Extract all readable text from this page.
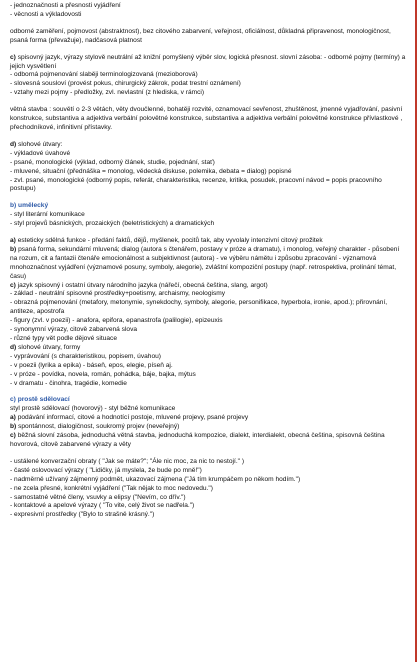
- jednoznačnosti a přesnosti vyjádření

- věcnosti a výkladovosti

odborné zaměření, pojmovost (abstraktnost), bez citového zabarvení, veřejnost, oficiálnost, důkladná připravenost, monologičnost, psaná forma (převažuje), nadčasová platnost

c) spisovný jazyk, výrazy stylově neutrální až knižní pomyšlený výběr slov, logická přesnost. slovní zásoba: - odborné pojmy (termíny) a jejich vysvětlení

- odborná pojmenování slaběji terminologizovaná (mezioborová)

- slovesná sousloví (provést pokus, chirurgický zákrok, podat trestní oznámení)

- vztahy mezi pojmy - předložky, zvl. nevlastní (z hlediska, v rámci)

větná stavba : souvětí o 2-3 větách, věty dvoučlenné, bohatěji rozvité, oznamovací sevřenost, zhuštěnost, jmenné vyjadřování, pasivní konstrukce, substantiva a adjektiva verbální polovětné konstrukce, substantiva a adjektiva verbální polovětné konstrukce přívlastkové , přechodníkové, infinitivní přístavky.

d) slohové útvary:

- výkladové úvahové

- psané, monologické (výklad, odborný článek, studie, pojednání, stať)

- mluvené, situační (přednáška = monolog, vědecká diskuse, polemika, debata = dialog) popisné

- zvl. psané, monologické (odborný popis, referát, charakteristika, recenze, kritika, posudek, pracovní návod = popis pracovního postupu)

b) umělecký

- styl literární komunikace

- styl projevů básnických, prozaických (beletristických) a dramatických

a) esteticky sdělná funkce - předání faktů, dějů, myšlenek, pocitů tak, aby vyvolaly intenzivní citový prožitek

b) psaná forma, sekundární mluvená; dialog (autora s čtenářem, postavy v próze a dramatu), i monolog, veřejný charakter - působení na rozum, cit a fantazii čtenáře emocionálnost a subjektivnost (autora) - ve výběru námětu i způsobu zpracování - významová mnohoznačnost vyjádření (významové posuny, symboly, alegorie), zvláštní kompoziční postupy (např. retrospektiva, prolínání témat, času)

c) jazyk spisovný i ostatní útvary národního jazyka (nářečí, obecná čeština, slang, argot)

- základ - neutrální spisovné prostředky+poetismy, archaismy, neologismy

- obrazná pojmenování (metafory, metonymie, synekdochy, symboly, alegorie, personifikace, hyperbola, ironie, apod.); přirovnání, antiteze, apostrofa

- figury (zvl. v poezii) - anafora, epifora, epanastrofa (palilogie), epizeuxis

- synonymní výrazy, citově zabarvená slova

- různé typy vět podle dějové situace

d) slohové útvary, formy

- vyprávování (s charakteristikou, popisem, úvahou)

- v poezii (lyrika a epika) - báseň, epos, elegie, píseň aj.

- v próze - povídka, novela, román, pohádka, báje, bajka, mýtus

- v dramatu - činohra, tragédie, komedie

c) prostě sdělovací

styl prostě sdělovací (hovorový) - styl běžné komunikace

a) podávání informací, citové a hodnotící postoje, mluvené projevy, psané projevy

b) spontánnost, dialogičnost, soukromý projev (neveřejný)

c) běžná slovní zásoba, jednoduchá větná stavba, jednoduchá kompozice, dialekt, interdialekt, obecná čeština, spisovná čeština hovorová, citově zabarvené výrazy a věty

- ustálené konverzační obraty ( "Jak se máte?"; "Ále nic moc, za nic to nestojí." )

- časté oslovovací výrazy ( "Lidičky, já myslela, že bude po mně!")

- nadměrně užívaný zájmenný podmět, ukazovací zájmena ("Já tím krumpáčem po někom hodím.")

- ne zcela přesné, konkrétní vyjádření ("Tak nějak to moc nedovedu.")

- samostatné větné členy, vsuvky a elipsy ("Nevím, co dřív.")

- kontaktové a apelové výrazy ( "To vite, celý život se nadřela.")

- expresivní prostředky ("Bylo to strašně krásný.")
